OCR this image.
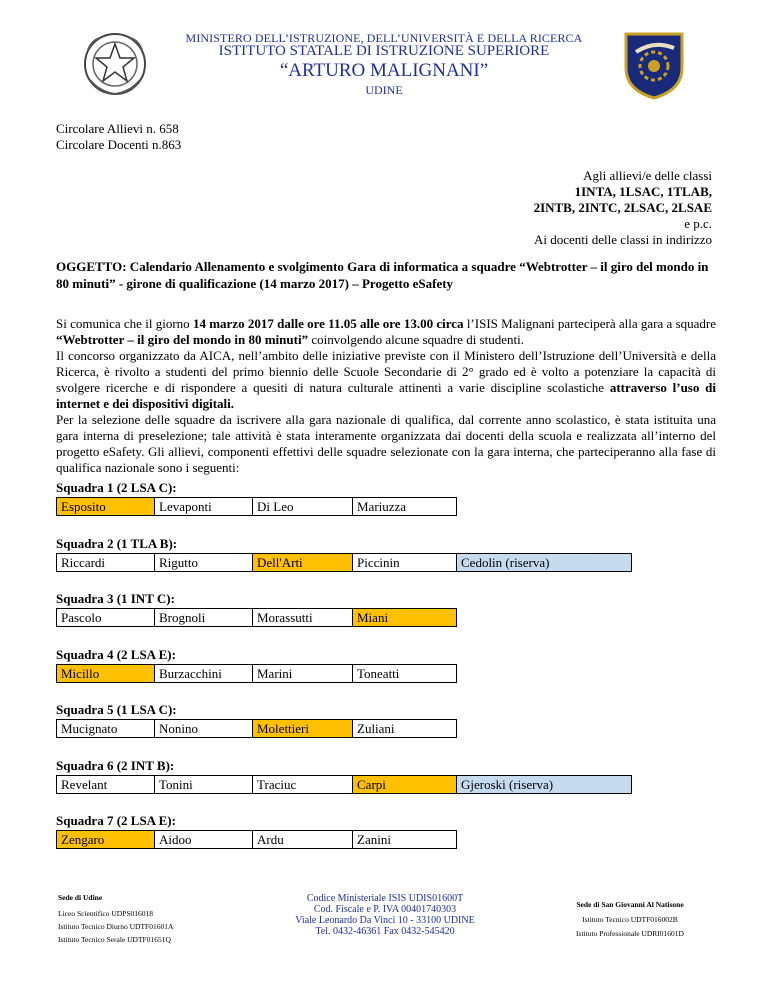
MINISTERO DELL’ISTRUZIONE, DELL’UNIVERSITÀ E DELLA RICERCA
ISTITUTO STATALE DI ISTRUZIONE SUPERIORE
“ARTURO MALIGNANI”
UDINE
Circolare Allievi n. 658
Circolare Docenti n.863
Agli allievi/e delle classi
1INTA, 1LSAC, 1TLAB,
2INTB, 2INTC, 2LSAC, 2LSAE
e p.c.
Ai docenti delle classi in indirizzo
OGGETTO: Calendario Allenamento e svolgimento Gara di informatica a squadre “Webtrotter – il giro del mondo in 80 minuti” - girone di qualificazione (14 marzo 2017) – Progetto eSafety

Si comunica che il giorno 14 marzo 2017 dalle ore 11.05 alle ore 13.00 circa l’ISIS Malignani parteciperà alla gara a squadre “Webtrotter – il giro del mondo in 80 minuti” coinvolgendo alcune squadre di studenti.

Il concorso organizzato da AICA, nell’ambito delle iniziative previste con il Ministero dell’Istruzione dell’Università e della Ricerca, è rivolto a studenti del primo biennio delle Scuole Secondarie di 2° grado ed è volto a potenziare la capacità di svolgere ricerche e di rispondere a quesiti di natura culturale attinenti a varie discipline scolastiche attraverso l’uso di internet e dei dispositivi digitali.

Per la selezione delle squadre da iscrivere alla gara nazionale di qualifica, dal corrente anno scolastico, è stata istituita una gara interna di preselezione; tale attività è stata interamente organizzata dai docenti della scuola e realizzata all’interno del progetto eSafety. Gli allievi, componenti effettivi delle squadre selezionate con la gara interna, che parteciperanno alla fase di qualifica nazionale sono i seguenti:

Squadra 1 (2 LSA C):
Esposito	Levaponti	Di Leo	Mariuzza
Squadra 2 (1 TLA B):
Riccardi	Rigutto	Dell'Arti	Piccinin	Cedolin (riserva)
Squadra 3 (1 INT C):
Pascolo	Brognoli	Morassutti	Miani
Squadra 4 (2 LSA E):
Micillo	Burzacchini	Marini	Toneatti
Squadra 5 (1 LSA C):
Mucignato	Nonino	Molettieri	Zuliani
Squadra 6 (2 INT B):
Revelant	Tonini	Traciuc	Carpi	Gjeroski (riserva)
Squadra 7 (2 LSA E):
Zengaro	Aidoo	Ardu	Zanini
Sede di Udine
Liceo Scientifico UDPS016018
Istituto Tecnico Diurno UDTF01601A
Istituto Tecnico Serale UDTF01651Q
Codice Ministeriale ISIS UDIS01600T
Cod. Fiscale e P. IVA 00401740303
Viale Leonardo Da Vinci 10 - 33100 UDINE
Tel. 0432-46361 Fax 0432-545420
Sede di San Giovanni Al Natisone
Istituto Tecnico UDTF016002B
Istituto Professionale UDRI01601D
